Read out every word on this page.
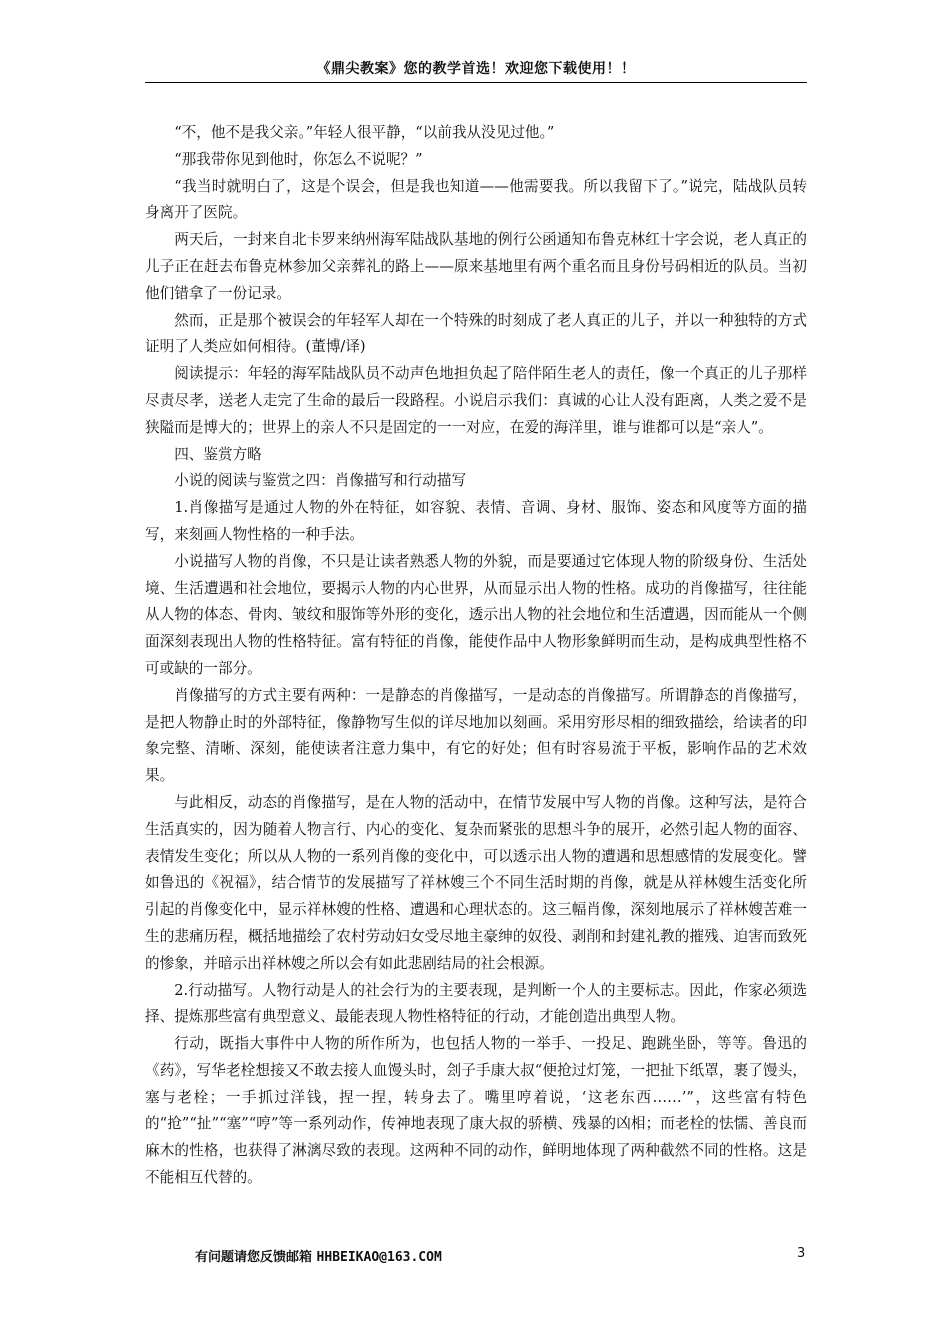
《鼎尖教案》您的教学首选！欢迎您下载使用！！

“不，他不是我父亲。”年轻人很平静，“以前我从没见过他。”

“那我带你见到他时，你怎么不说呢？”

“我当时就明白了，这是个误会，但是我也知道——他需要我。所以我留下了。”说完，陆战队员转身离开了医院。

两天后，一封来自北卡罗来纳州海军陆战队基地的例行公函通知布鲁克林红十字会说，老人真正的儿子正在赶去布鲁克林参加父亲葬礼的路上——原来基地里有两个重名而且身份号码相近的队员。当初他们错拿了一份记录。

然而，正是那个被误会的年轻军人却在一个特殊的时刻成了老人真正的儿子，并以一种独特的方式证明了人类应如何相待。(董博/译)

阅读提示：年轻的海军陆战队员不动声色地担负起了陪伴陌生老人的责任，像一个真正的儿子那样尽责尽孝，送老人走完了生命的最后一段路程。小说启示我们：真诚的心让人没有距离，人类之爱不是狭隘而是博大的；世界上的亲人不只是固定的一一对应，在爱的海洋里，谁与谁都可以是“亲人”。

四、鉴赏方略

小说的阅读与鉴赏之四：肖像描写和行动描写

1.肖像描写是通过人物的外在特征，如容貌、表情、音调、身材、服饰、姿态和风度等方面的描写，来刻画人物性格的一种手法。

小说描写人物的肖像，不只是让读者熟悉人物的外貌，而是要通过它体现人物的阶级身份、生活处境、生活遭遇和社会地位，要揭示人物的内心世界，从而显示出人物的性格。成功的肖像描写，往往能从人物的体态、骨肉、皱纹和服饰等外形的变化，透示出人物的社会地位和生活遭遇，因而能从一个侧面深刻表现出人物的性格特征。富有特征的肖像，能使作品中人物形象鲜明而生动，是构成典型性格不可或缺的一部分。

肖像描写的方式主要有两种：一是静态的肖像描写，一是动态的肖像描写。所谓静态的肖像描写，是把人物静止时的外部特征，像静物写生似的详尽地加以刻画。采用穷形尽相的细致描绘，给读者的印象完整、清晰、深刻，能使读者注意力集中，有它的好处；但有时容易流于平板，影响作品的艺术效果。

与此相反，动态的肖像描写，是在人物的活动中，在情节发展中写人物的肖像。这种写法，是符合生活真实的，因为随着人物言行、内心的变化、复杂而紧张的思想斗争的展开，必然引起人物的面容、表情发生变化；所以从人物的一系列肖像的变化中，可以透示出人物的遭遇和思想感情的发展变化。譬如鲁迅的《祝福》，结合情节的发展描写了祥林嫂三个不同生活时期的肖像，就是从祥林嫂生活变化所引起的肖像变化中，显示祥林嫂的性格、遭遇和心理状态的。这三幅肖像，深刻地展示了祥林嫂苦难一生的悲痛历程，概括地描绘了农村劳动妇女受尽地主豪绅的奴役、剥削和封建礼教的摧残、迫害而致死的惨象，并暗示出祥林嫂之所以会有如此悲剧结局的社会根源。

2.行动描写。人物行动是人的社会行为的主要表现，是判断一个人的主要标志。因此，作家必须选择、提炼那些富有典型意义、最能表现人物性格特征的行动，才能创造出典型人物。

行动，既指大事件中人物的所作所为，也包括人物的一举手、一投足、跑跳坐卧，等等。鲁迅的《药》，写华老栓想接又不敢去接人血馒头时，刽子手康大叔“便抢过灯笼，一把扯下纸罩，裹了馒头，塞与老栓；一手抓过洋钱，捏一捏，转身去了。嘴里哼着说，‘这老东西……’”，这些富有特色的“抢”“扯”“塞”“哼”等一系列动作，传神地表现了康大叔的骄横、残暴的凶相；而老栓的怯懦、善良而麻木的性格，也获得了淋漓尽致的表现。这两种不同的动作，鲜明地体现了两种截然不同的性格。这是不能相互代替的。

有问题请您反馈邮箱 HHBEIKAO@163.COM	3
